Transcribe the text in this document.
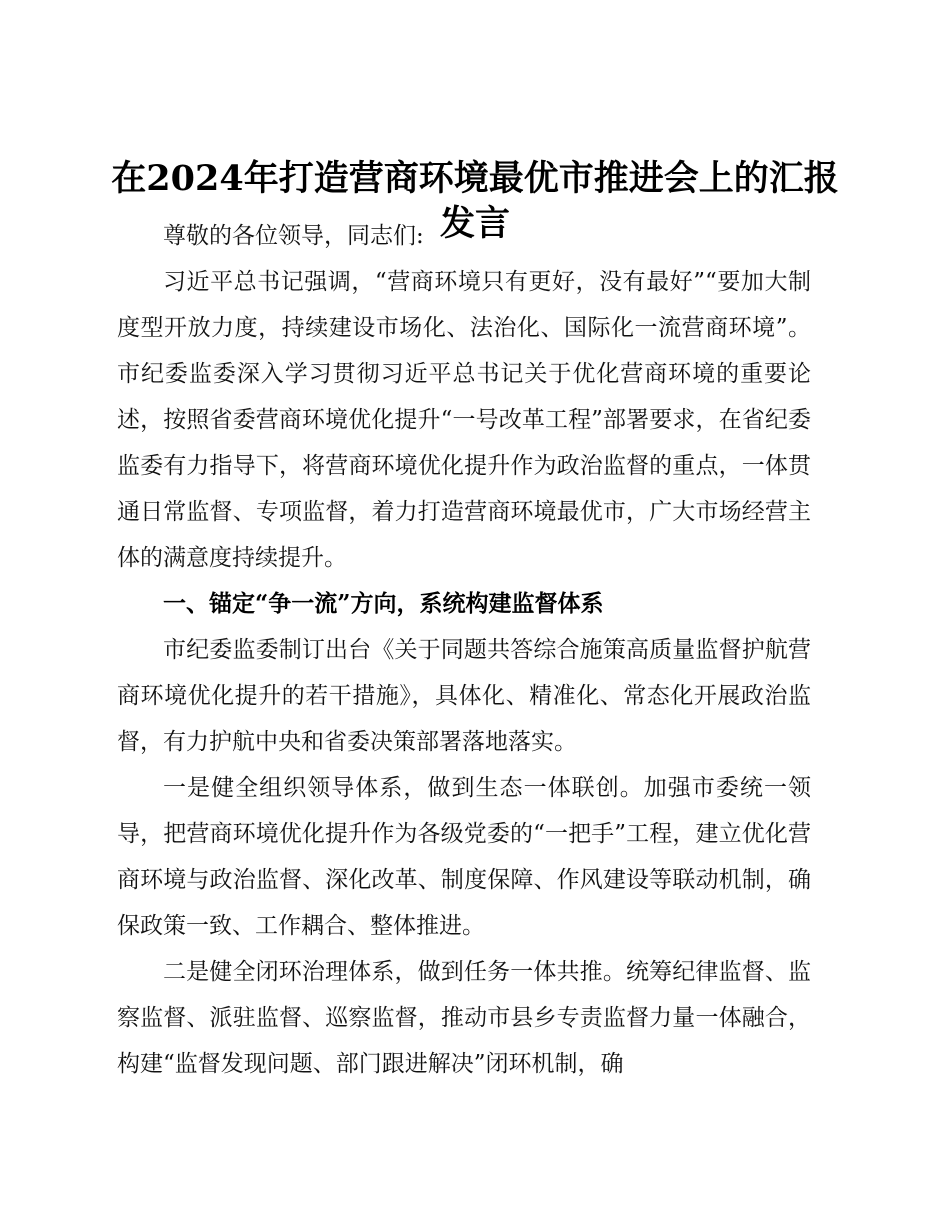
在2024年打造营商环境最优市推进会上的汇报发言

尊敬的各位领导，同志们:

习近平总书记强调，“营商环境只有更好，没有最好”“要加大制度型开放力度，持续建设市场化、法治化、国际化一流营商环境”。市纪委监委深入学习贯彻习近平总书记关于优化营商环境的重要论述，按照省委营商环境优化提升“一号改革工程”部署要求，在省纪委监委有力指导下，将营商环境优化提升作为政治监督的重点，一体贯通日常监督、专项监督，着力打造营商环境最优市，广大市场经营主体的满意度持续提升。

一、锚定“争一流”方向，系统构建监督体系

市纪委监委制订出台《关于同题共答综合施策高质量监督护航营商环境优化提升的若干措施》，具体化、精准化、常态化开展政治监督，有力护航中央和省委决策部署落地落实。

一是健全组织领导体系，做到生态一体联创。加强市委统一领导，把营商环境优化提升作为各级党委的“一把手”工程，建立优化营商环境与政治监督、深化改革、制度保障、作风建设等联动机制，确保政策一致、工作耦合、整体推进。

二是健全闭环治理体系，做到任务一体共推。统筹纪律监督、监察监督、派驻监督、巡察监督，推动市县乡专责监督力量一体融合，构建“监督发现问题、部门跟进解决”闭环机制，确
